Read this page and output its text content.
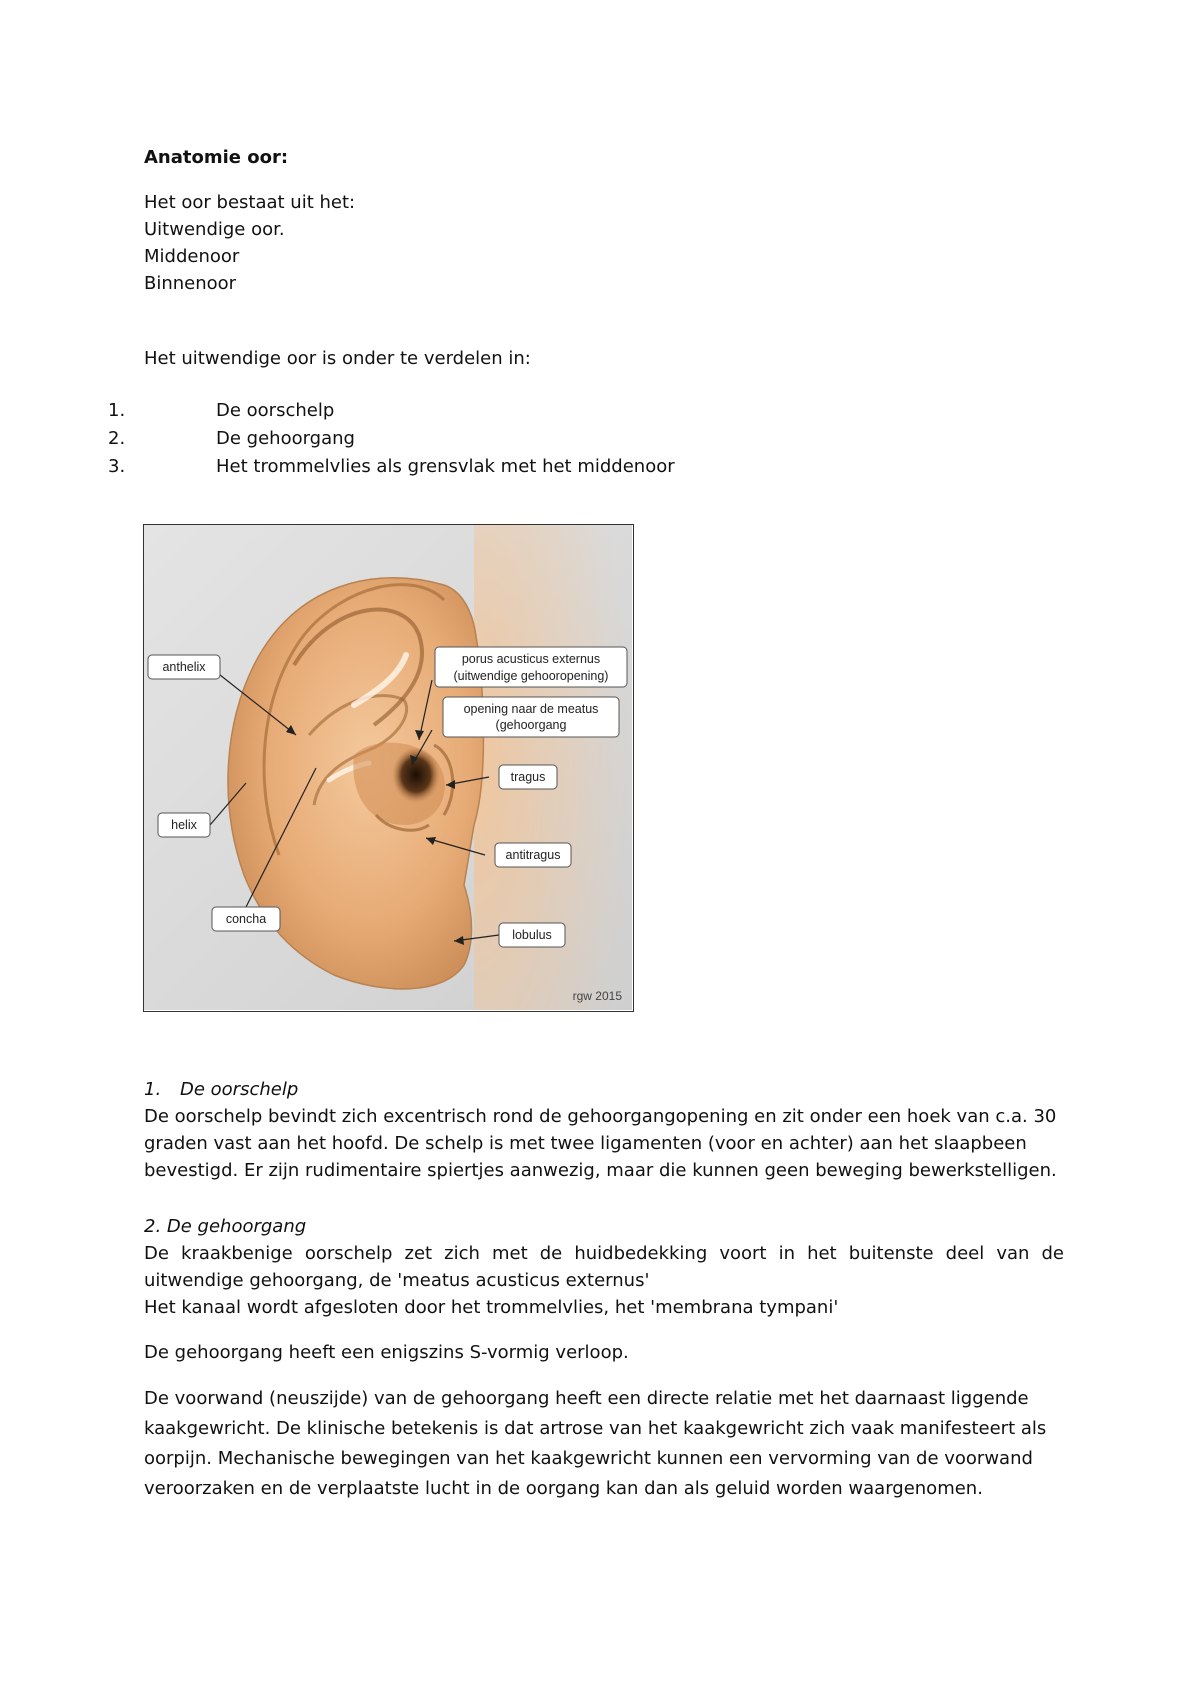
Anatomie oor:
Het oor bestaat uit het:
Uitwendige oor.
Middenoor
Binnenoor
Het uitwendige oor is onder te verdelen in:
1.	De oorschelp
2.	De gehoorgang
3.	Het trommelvlies als grensvlak met het middenoor
anthelix
porus acusticus externus
(uitwendige gehooropening)
opening naar de meatus
(gehoorgang
tragus
helix
antitragus
concha
lobulus
rgw 2015
1. De oorschelp
De oorschelp bevindt zich excentrisch rond de gehoorgangopening en zit onder een hoek van c.a. 30 graden vast aan het hoofd. De schelp is met twee ligamenten (voor en achter) aan het slaapbeen bevestigd. Er zijn rudimentaire spiertjes aanwezig, maar die kunnen geen beweging bewerkstelligen.
2. De gehoorgang
De kraakbenige oorschelp zet zich met de huidbedekking voort in het buitenste deel van de uitwendige gehoorgang, de 'meatus acusticus externus'
Het kanaal wordt afgesloten door het trommelvlies, het 'membrana tympani'
De gehoorgang heeft een enigszins S-vormig verloop.
De voorwand (neuszijde) van de gehoorgang heeft een directe relatie met het daarnaast liggende kaakgewricht. De klinische betekenis is dat artrose van het kaakgewricht zich vaak manifesteert als oorpijn. Mechanische bewegingen van het kaakgewricht kunnen een vervorming van de voorwand veroorzaken en de verplaatste lucht in de oorgang kan dan als geluid worden waargenomen.
